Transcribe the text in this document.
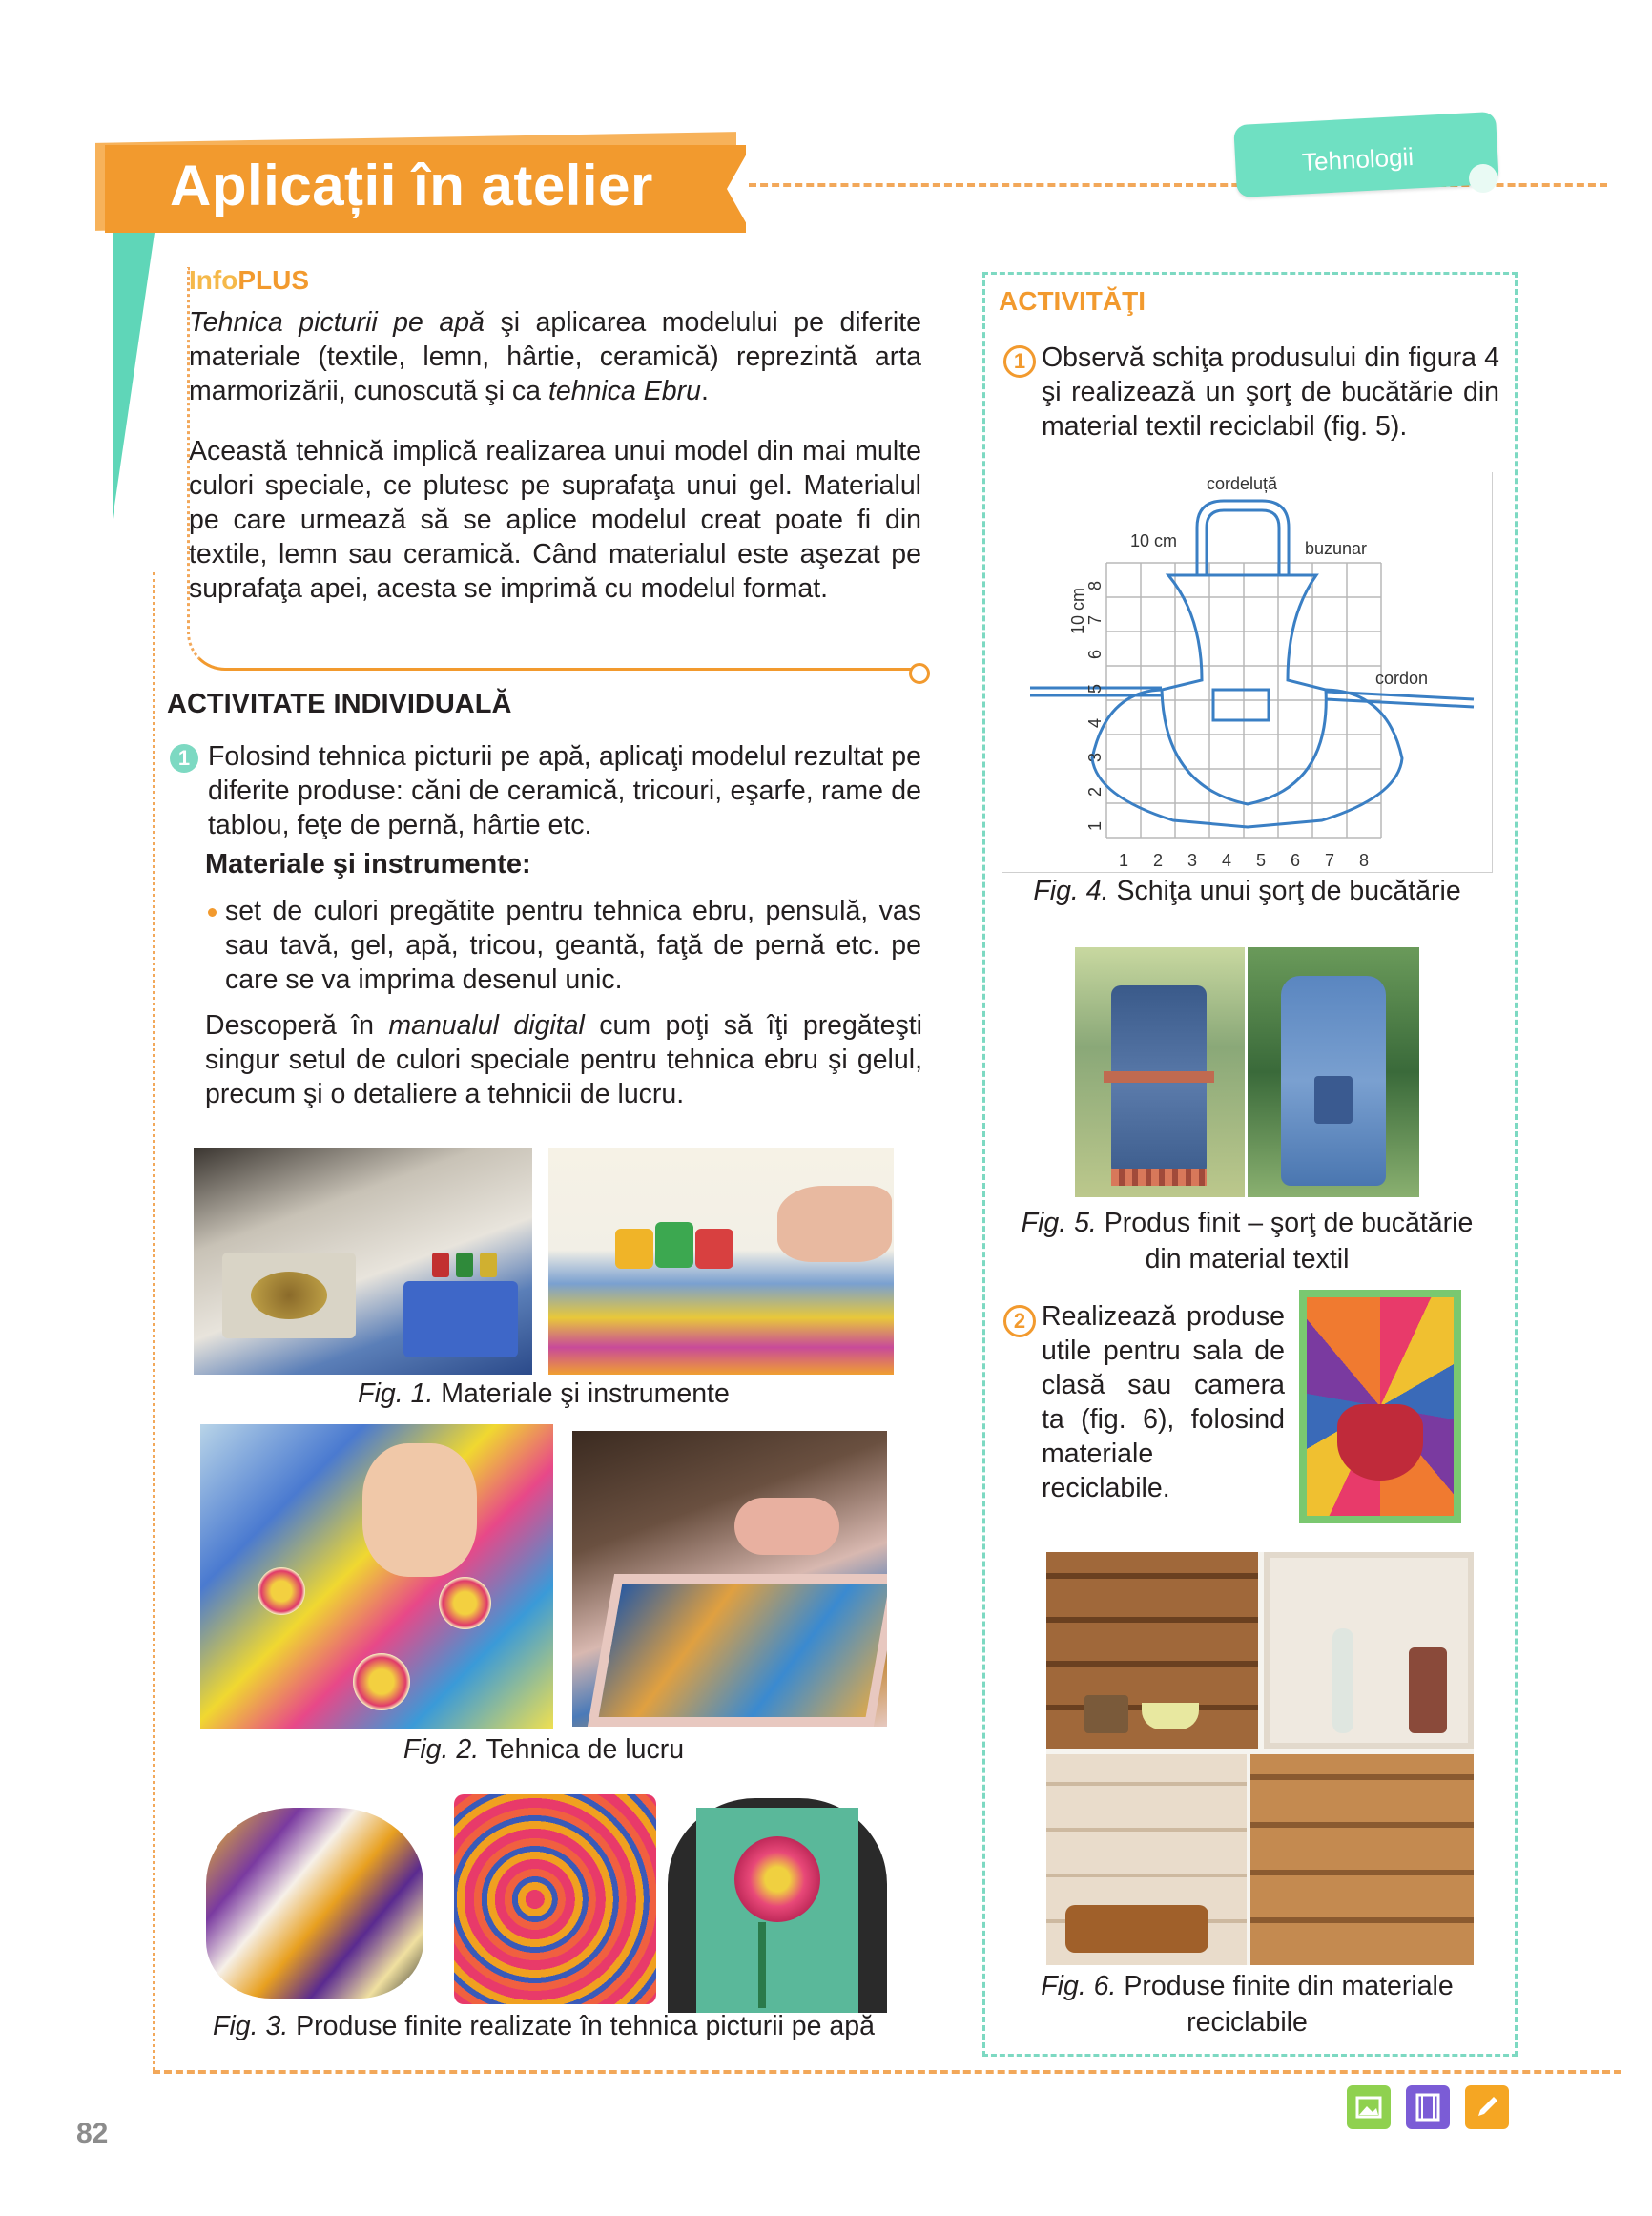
Aplicații în atelier	Tehnologii
InfoPLUS
Tehnica picturii pe apă şi aplicarea modelului pe diferite materiale (textile, lemn, hârtie, ceramică) reprezintă arta marmorizării, cunoscută şi ca tehnica Ebru.
Această tehnică implică realizarea unui model din mai multe culori speciale, ce plutesc pe suprafaţa unui gel. Materialul pe care urmează să se aplice modelul creat poate fi din textile, lemn sau ceramică. Când materialul este aşezat pe suprafaţa apei, acesta se imprimă cu modelul format.
ACTIVITATE INDIVIDUALĂ
1 Folosind tehnica picturii pe apă, aplicaţi modelul rezultat pe diferite produse: căni de ceramică, tricouri, eşarfe, rame de tablou, feţe de pernă, hârtie etc.
Materiale şi instrumente:
set de culori pregătite pentru tehnica ebru, pensulă, vas sau tavă, gel, apă, tricou, geantă, faţă de pernă etc. pe care se va imprima desenul unic.
Descoperă în manualul digital cum poţi să îţi pregăteşti singur setul de culori speciale pentru tehnica ebru şi gelul, precum şi o detaliere a tehnicii de lucru.
Fig. 1. Materiale şi instrumente
Fig. 2. Tehnica de lucru
Fig. 3. Produse finite realizate în tehnica picturii pe apă
ACTIVITĂŢI
1 Observă schiţa produsului din figura 4 şi realizează un şorţ de bucătărie din material textil reciclabil (fig. 5).
cordeluță
10 cm	buzunar
10 cm
cordon
1 2 3 4 5 6 7 8
1
2
3
4
5
6
7
8
Fig. 4. Schiţa unui şorţ de bucătărie
Fig. 5. Produs finit – şorţ de bucătărie
din material textil
2 Realizează produse utile pentru sala de clasă sau camera ta (fig. 6), folosind materiale reciclabile.
Fig. 6. Produse finite din materiale
reciclabile
82
